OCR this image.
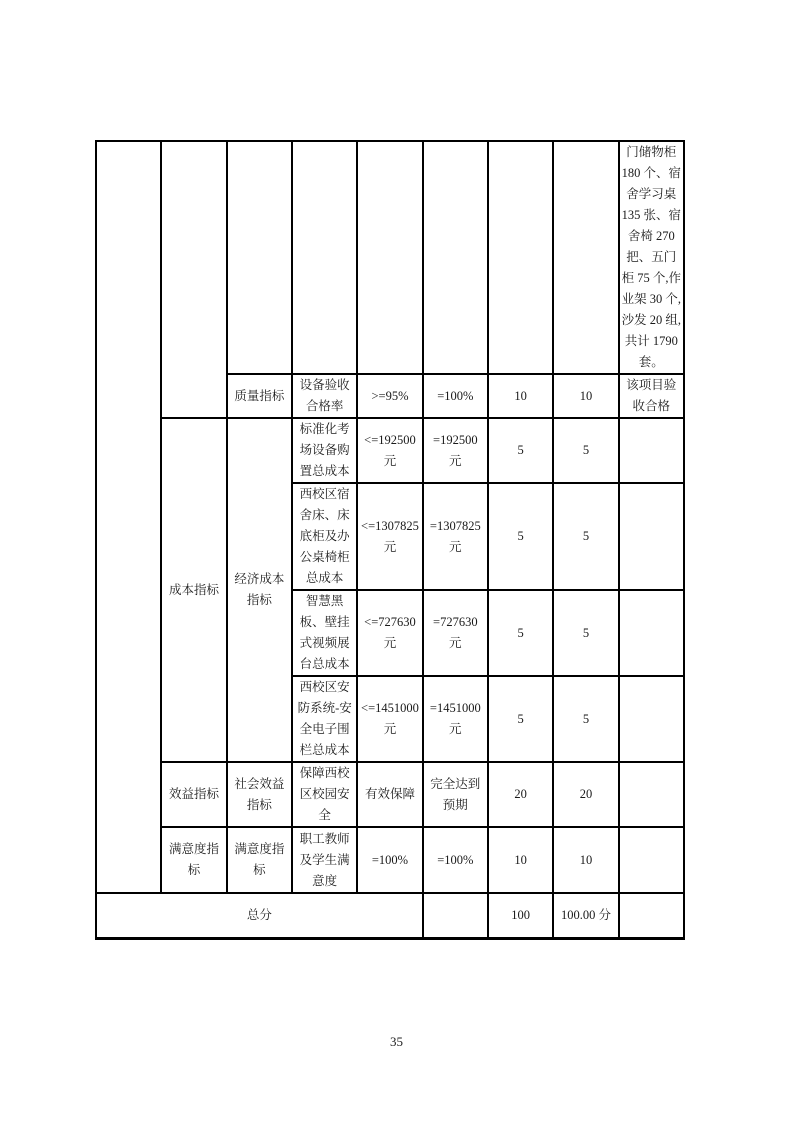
								门储物柜 180 个、宿舍学习桌 135 张、宿舍椅 270 把、五门柜 75 个,作业架 30 个,沙发 20 组,共计 1790 套。
		质量指标	设备验收合格率	>=95%	=100%	10	10	该项目验收合格
	成本指标	经济成本指标	标准化考场设备购置总成本	<=192500 元	=192500 元	5	5	
			西校区宿舍床、床底柜及办公桌椅柜总成本	<=1307825 元	=1307825 元	5	5	
			智慧黑板、壁挂式视频展台总成本	<=727630 元	=727630 元	5	5	
			西校区安防系统-安全电子围栏总成本	<=1451000 元	=1451000 元	5	5	
	效益指标	社会效益指标	保障西校区校园安全	有效保障	完全达到预期	20	20	
	满意度指标	满意度指标	职工教师及学生满意度	=100%	=100%	10	10	
总分						100	100.00 分	
35
